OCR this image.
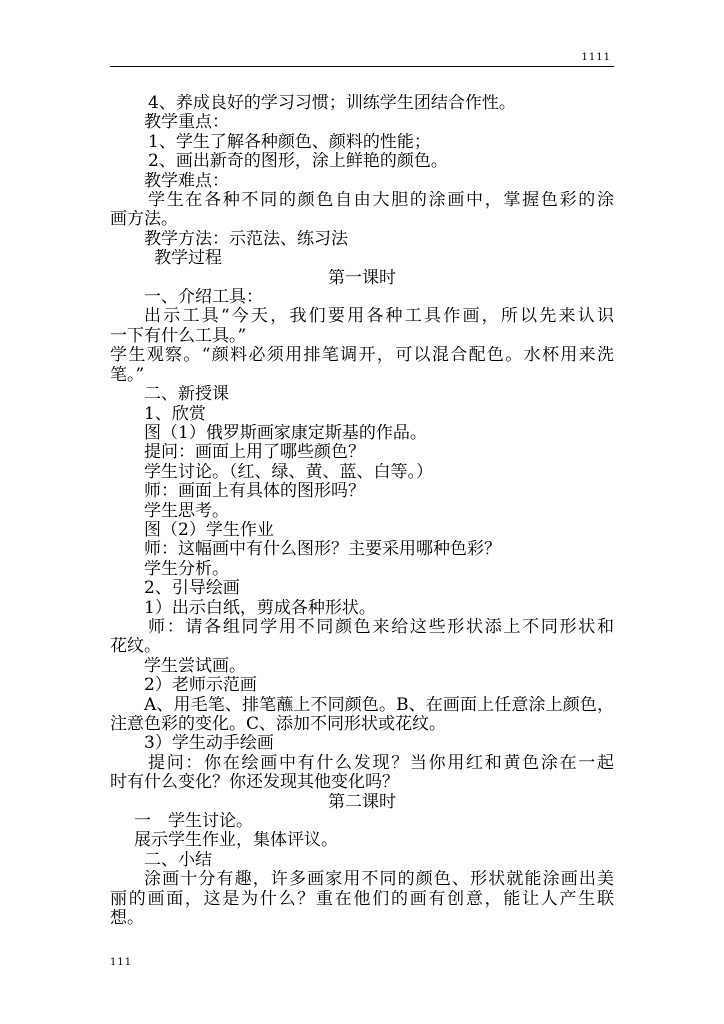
1111
4、养成良好的学习习惯；训练学生团结合作性。
教学重点：
1、学生了解各种颜色、颜料的性能；
2、画出新奇的图形，涂上鲜艳的颜色。
教学难点：
学生在各种不同的颜色自由大胆的涂画中，掌握色彩的涂
画方法。
教学方法：示范法、练习法
教学过程
第一课时
一、介绍工具：
出示工具“今天，我们要用各种工具作画，所以先来认识
一下有什么工具。”
学生观察。“颜料必须用排笔调开，可以混合配色。水杯用来洗
笔。”
二、新授课
1、欣赏
图（1）俄罗斯画家康定斯基的作品。
提问：画面上用了哪些颜色？
学生讨论。（红、绿、黄、蓝、白等。）
师：画面上有具体的图形吗？
学生思考。
图（2）学生作业
师：这幅画中有什么图形？主要采用哪种色彩？
学生分析。
2、引导绘画
1）出示白纸，剪成各种形状。
师：请各组同学用不同颜色来给这些形状添上不同形状和
花纹。
学生尝试画。
2）老师示范画
A、用毛笔、排笔蘸上不同颜色。B、在画面上任意涂上颜色，
注意色彩的变化。C、添加不同形状或花纹。
3）学生动手绘画
提问：你在绘画中有什么发现？当你用红和黄色涂在一起
时有什么变化？你还发现其他变化吗？
第二课时
一　学生讨论。
展示学生作业，集体评议。
二、小结
涂画十分有趣，许多画家用不同的颜色、形状就能涂画出美
丽的画面，这是为什么？重在他们的画有创意，能让人产生联
想。
111
